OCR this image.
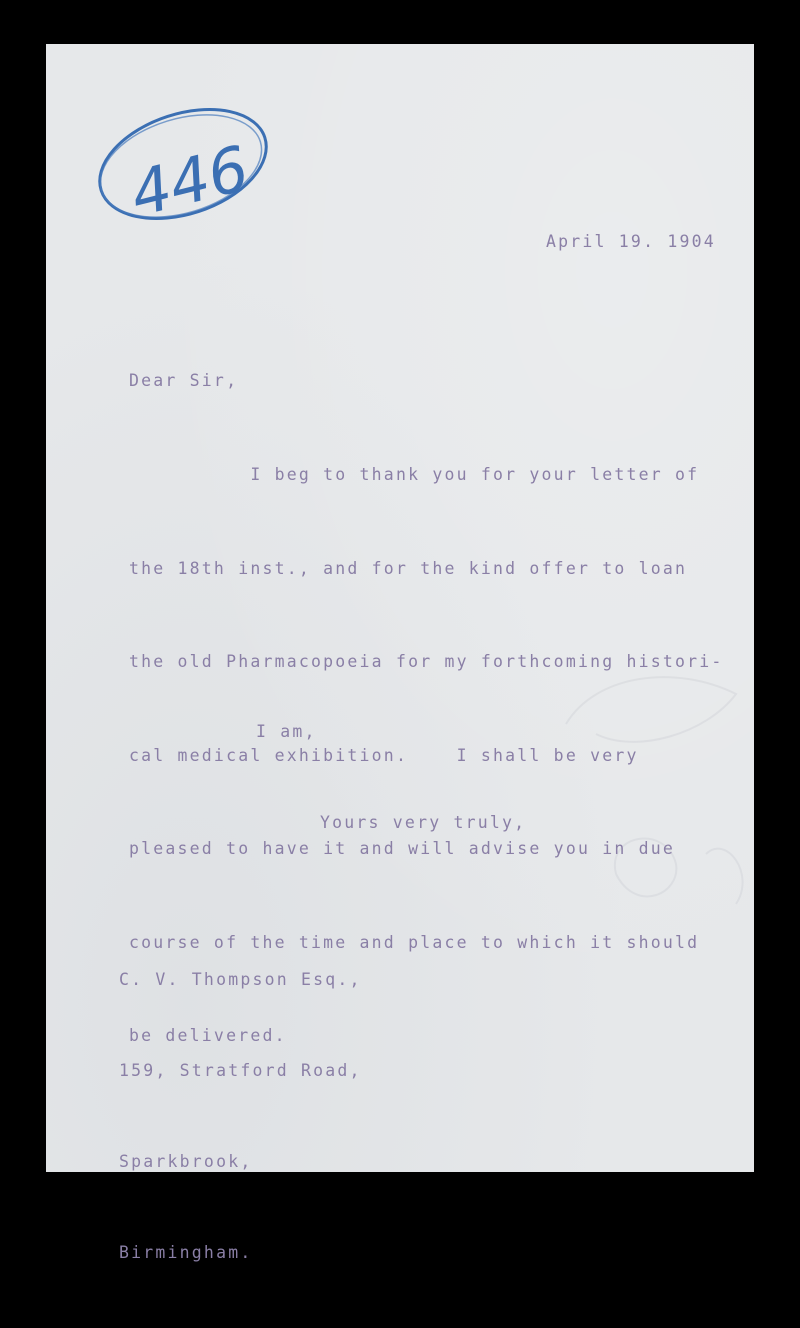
446
April 19. 1904
Dear Sir,

I beg to thank you for your letter of

the 18th inst., and for the kind offer to loan

the old Pharmacopoeia for my forthcoming histori-

cal medical exhibition.    I shall be very

pleased to have it and will advise you in due

course of the time and place to which it should

be delivered.

I am,

Yours very truly,

C. V. Thompson Esq.,

159, Stratford Road,

Sparkbrook,

Birmingham.
